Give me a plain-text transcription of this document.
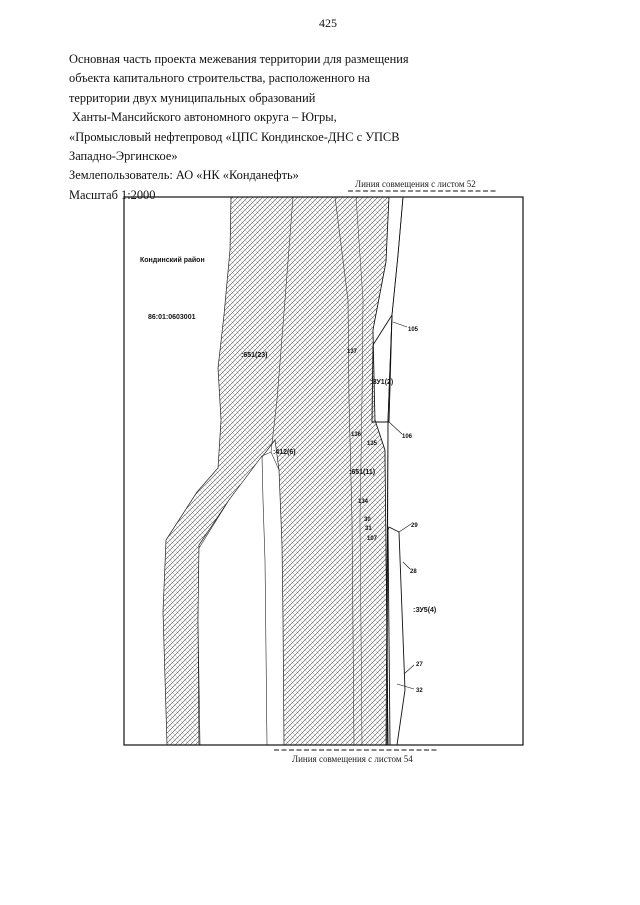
425
Основная часть проекта межевания территории для размещения
объекта капитального строительства, расположенного на
территории двух муниципальных образований
Ханты-Мансийского автономного округа – Югры,
«Промысловый нефтепровод «ЦПС Кондинское-ДНС с УПСВ
Западно-Эргинское»
Землепользователь: АО «НК «Конданефть»
Масштаб 1:2000
Линия совмещения с листом 52
Линия совмещения с листом 54
Кондинский район
86:01:0603001
:651(23)
:412(6)
:651(11)
:ЗУ1(2)
:ЗУ5(4)
105
137
106
136
135
134
30
31
107
29
28
27
32
